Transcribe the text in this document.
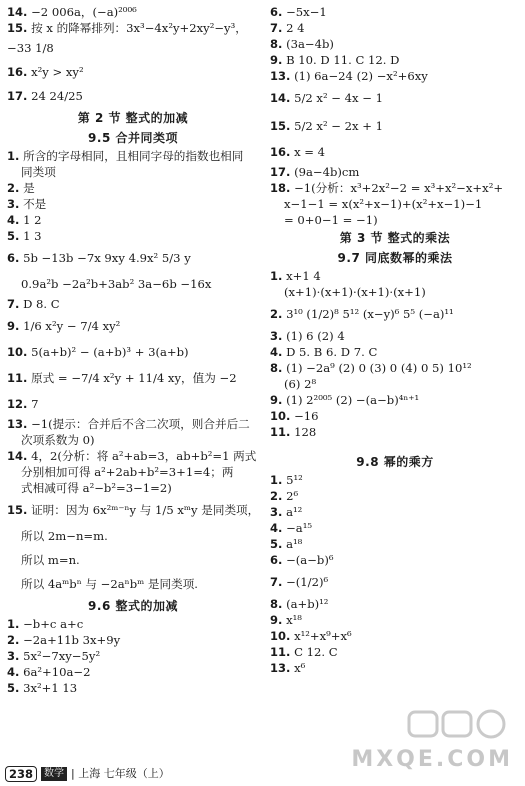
14. −2 006a，(−a)²⁰⁰⁶
15. 按 x 的降幂排列：3x³−4x²y+2xy²−y³，
−33 1/8
16. x²y > xy²
17. 24 24/25
第 2 节 整式的加减
9.5 合并同类项
1. 所含的字母相同，且相同字母的指数也相同
同类项
2. 是
3. 不是
4. 1 2
5. 1 3
6. 5b −13b −7x 9xy 4.9x² 5/3 y
0.9a²b −2a²b+3ab² 3a−6b −16x
7. D 8. C
9. 1/6 x²y − 7/4 xy²
10. 5(a+b)² − (a+b)³ + 3(a+b)
11. 原式 = −7/4 x²y + 11/4 xy，值为 −2
12. 7
13. −1(提示：合并后不含二次项，则合并后二
次项系数为 0)
14. 4，2(分析：将 a²+ab=3，ab+b²=1 两式
分别相加可得 a²+2ab+b²=3+1=4；两
式相减可得 a²−b²=3−1=2)
15. 证明：因为 6x²ᵐ⁻ⁿy 与 1/5 xᵐy 是同类项，
所以 2m−n=m.
所以 m=n.
所以 4aᵐbⁿ 与 −2aⁿbᵐ 是同类项.
9.6 整式的加减
1. −b+c a+c
2. −2a+11b 3x+9y
3. 5x²−7xy−5y²
4. 6a²+10a−2
5. 3x²+1 13
6. −5x−1
7. 2 4
8. (3a−4b)
9. B 10. D 11. C 12. D
13. (1) 6a−24 (2) −x²+6xy
14. 5/2 x² − 4x − 1
15. 5/2 x² − 2x + 1
16. x = 4
17. (9a−4b)cm
18. −1(分析：x³+2x²−2 = x³+x²−x+x²+
x−1−1 = x(x²+x−1)+(x²+x−1)−1
= 0+0−1 = −1)
第 3 节 整式的乘法
9.7 同底数幂的乘法
1. x+1 4
(x+1)·(x+1)·(x+1)·(x+1)
2. 3¹⁰ (1/2)⁸ 5¹² (x−y)⁶ 5⁵ (−a)¹¹
3. (1) 6 (2) 4
4. D 5. B 6. D 7. C
8. (1) −2a⁹ (2) 0 (3) 0 (4) 0 5) 10¹²
(6) 2⁸
9. (1) 2²⁰⁰⁵ (2) −(a−b)⁴ⁿ⁺¹
10. −16
11. 128
9.8 幂的乘方
1. 5¹²
2. 2⁶
3. a¹²
4. −a¹⁵
5. a¹⁸
6. −(a−b)⁶
7. −(1/2)⁶
8. (a+b)¹²
9. x¹⁸
10. x¹²+x⁹+x⁶
11. C 12. C
13. x⁶
238	数学 | 上海 七年级（上）
MXQE.COM
